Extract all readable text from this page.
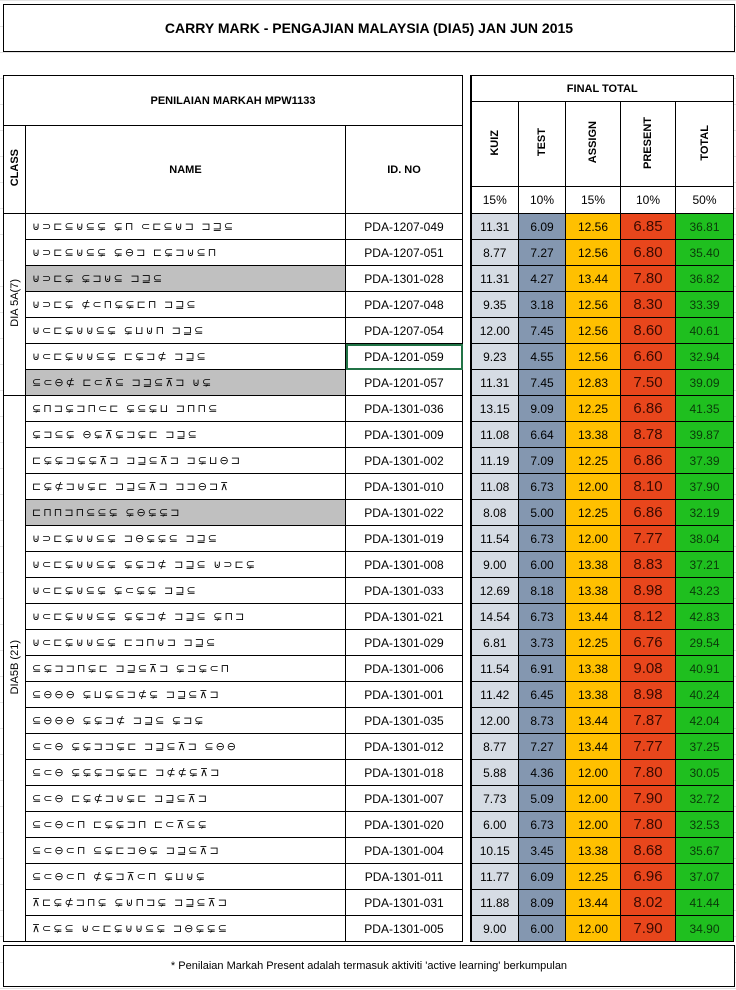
CARRY MARK - PENGAJIAN MALAYSIA (DIA5) JAN JUN 2015
PENILAIAN MARKAH MPW1133				FINAL TOTAL				
				KUIZ	TEST	ASSIGN	PRESENT	TOTAL
CLASS	NAME	ID. NO						
				15%	10%	15%	10%	50%
DIA 5A(7)	⊍⊃⊏⊆⊍⊆⊊ ⊊⊓ ⊂⊏⊆⊍⊐ ⊐⊒⊆	PDA-1207-049		11.31	6.09	12.56	6.85	36.81
	⊍⊃⊏⊆⊍⊆⊊ ⊊⊖⊐ ⊏⊊⊐⊍⊆⊓	PDA-1207-051		8.77	7.27	12.56	6.80	35.40
	⊍⊃⊏⊊ ⊊⊐⊍⊆ ⊐⊒⊆	PDA-1301-028		11.31	4.27	13.44	7.80	36.82
	⊍⊃⊏⊊ ⊄⊂⊓⊊⊊⊏⊓ ⊐⊒⊆	PDA-1207-048		9.35	3.18	12.56	8.30	33.39
	⊍⊂⊏⊊⊍⊍⊆⊊ ⊊⊔⊍⊓ ⊐⊒⊆	PDA-1207-054		12.00	7.45	12.56	8.60	40.61
	⊍⊂⊏⊊⊍⊍⊆⊊ ⊏⊊⊐⊄ ⊐⊒⊆	PDA-1201-059		9.23	4.55	12.56	6.60	32.94
	⊆⊂⊖⊄ ⊏⊂⊼⊆ ⊐⊒⊆⊼⊐ ⊍⊊	PDA-1201-057		11.31	7.45	12.83	7.50	39.09
DIA5B (21)	⊊⊓⊐⊊⊐⊓⊂⊏ ⊊⊆⊊⊔ ⊐⊓⊓⊆	PDA-1301-036		13.15	9.09	12.25	6.86	41.35
	⊊⊐⊆⊊ ⊖⊊⊼⊊⊐⊊⊏ ⊐⊒⊆	PDA-1301-009		11.08	6.64	13.38	8.78	39.87
	⊏⊊⊊⊐⊊⊊⊼⊐ ⊐⊒⊆⊼⊐ ⊐⊊⊔⊖⊐	PDA-1301-002		11.19	7.09	12.25	6.86	37.39
	⊏⊊⊄⊐⊍⊊⊏ ⊐⊒⊆⊼⊐ ⊐⊐⊖⊐⊼	PDA-1301-010		11.08	6.73	12.00	8.10	37.90
	⊏⊓⊓⊐⊓⊆⊆⊊ ⊊⊖⊊⊊⊐	PDA-1301-022		8.08	5.00	12.25	6.86	32.19
	⊍⊃⊏⊊⊍⊍⊆⊊ ⊐⊖⊊⊊⊆ ⊐⊒⊆	PDA-1301-019		11.54	6.73	12.00	7.77	38.04
	⊍⊂⊏⊊⊍⊍⊆⊊ ⊊⊊⊐⊄ ⊐⊒⊆ ⊍⊃⊏⊊	PDA-1301-008		9.00	6.00	13.38	8.83	37.21
	⊍⊂⊏⊊⊍⊆⊊ ⊊⊂⊊⊊ ⊐⊒⊆	PDA-1301-033		12.69	8.18	13.38	8.98	43.23
	⊍⊂⊏⊊⊍⊍⊆⊊ ⊊⊊⊐⊄ ⊐⊒⊆ ⊊⊓⊐	PDA-1301-021		14.54	6.73	13.44	8.12	42.83
	⊍⊂⊏⊊⊍⊍⊆⊊ ⊏⊐⊓⊍⊐ ⊐⊒⊆	PDA-1301-029		6.81	3.73	12.25	6.76	29.54
	⊆⊊⊐⊐⊓⊊⊏ ⊐⊒⊆⊼⊐ ⊊⊐⊊⊂⊓	PDA-1301-006		11.54	6.91	13.38	9.08	40.91
	⊆⊖⊖⊖ ⊊⊔⊊⊆⊐⊄⊊ ⊐⊒⊆⊼⊐	PDA-1301-001		11.42	6.45	13.38	8.98	40.24
	⊆⊖⊖⊖ ⊊⊊⊐⊄ ⊐⊒⊆ ⊊⊐⊊	PDA-1301-035		12.00	8.73	13.44	7.87	42.04
	⊆⊂⊖ ⊊⊊⊐⊐⊊⊏ ⊐⊒⊆⊼⊐ ⊆⊖⊖	PDA-1301-012		8.77	7.27	13.44	7.77	37.25
	⊆⊂⊖ ⊊⊊⊊⊐⊊⊊⊏ ⊐⊄⊄⊊⊼⊐	PDA-1301-018		5.88	4.36	12.00	7.80	30.05
	⊆⊂⊖ ⊏⊊⊄⊐⊍⊊⊏ ⊐⊒⊆⊼⊐	PDA-1301-007		7.73	5.09	12.00	7.90	32.72
	⊆⊂⊖⊂⊓ ⊏⊊⊊⊐⊓ ⊏⊂⊼⊆⊊	PDA-1301-020		6.00	6.73	12.00	7.80	32.53
	⊆⊂⊖⊂⊓ ⊆⊊⊏⊐⊖⊊ ⊐⊒⊆⊼⊐	PDA-1301-004		10.15	3.45	13.38	8.68	35.67
	⊆⊂⊖⊂⊓ ⊄⊊⊐⊼⊂⊓ ⊊⊔⊍⊊	PDA-1301-011		11.77	6.09	12.25	6.96	37.07
	⊼⊏⊊⊄⊐⊓⊊ ⊊⊍⊓⊐⊊ ⊐⊒⊆⊼⊐	PDA-1301-031		11.88	8.09	13.44	8.02	41.44
	⊼⊂⊊⊆ ⊍⊂⊏⊊⊍⊍⊆⊊ ⊐⊖⊊⊊⊆	PDA-1301-005		9.00	6.00	12.00	7.90	34.90
* Penilaian Markah Present adalah termasuk aktiviti 'active learning' berkumpulan
